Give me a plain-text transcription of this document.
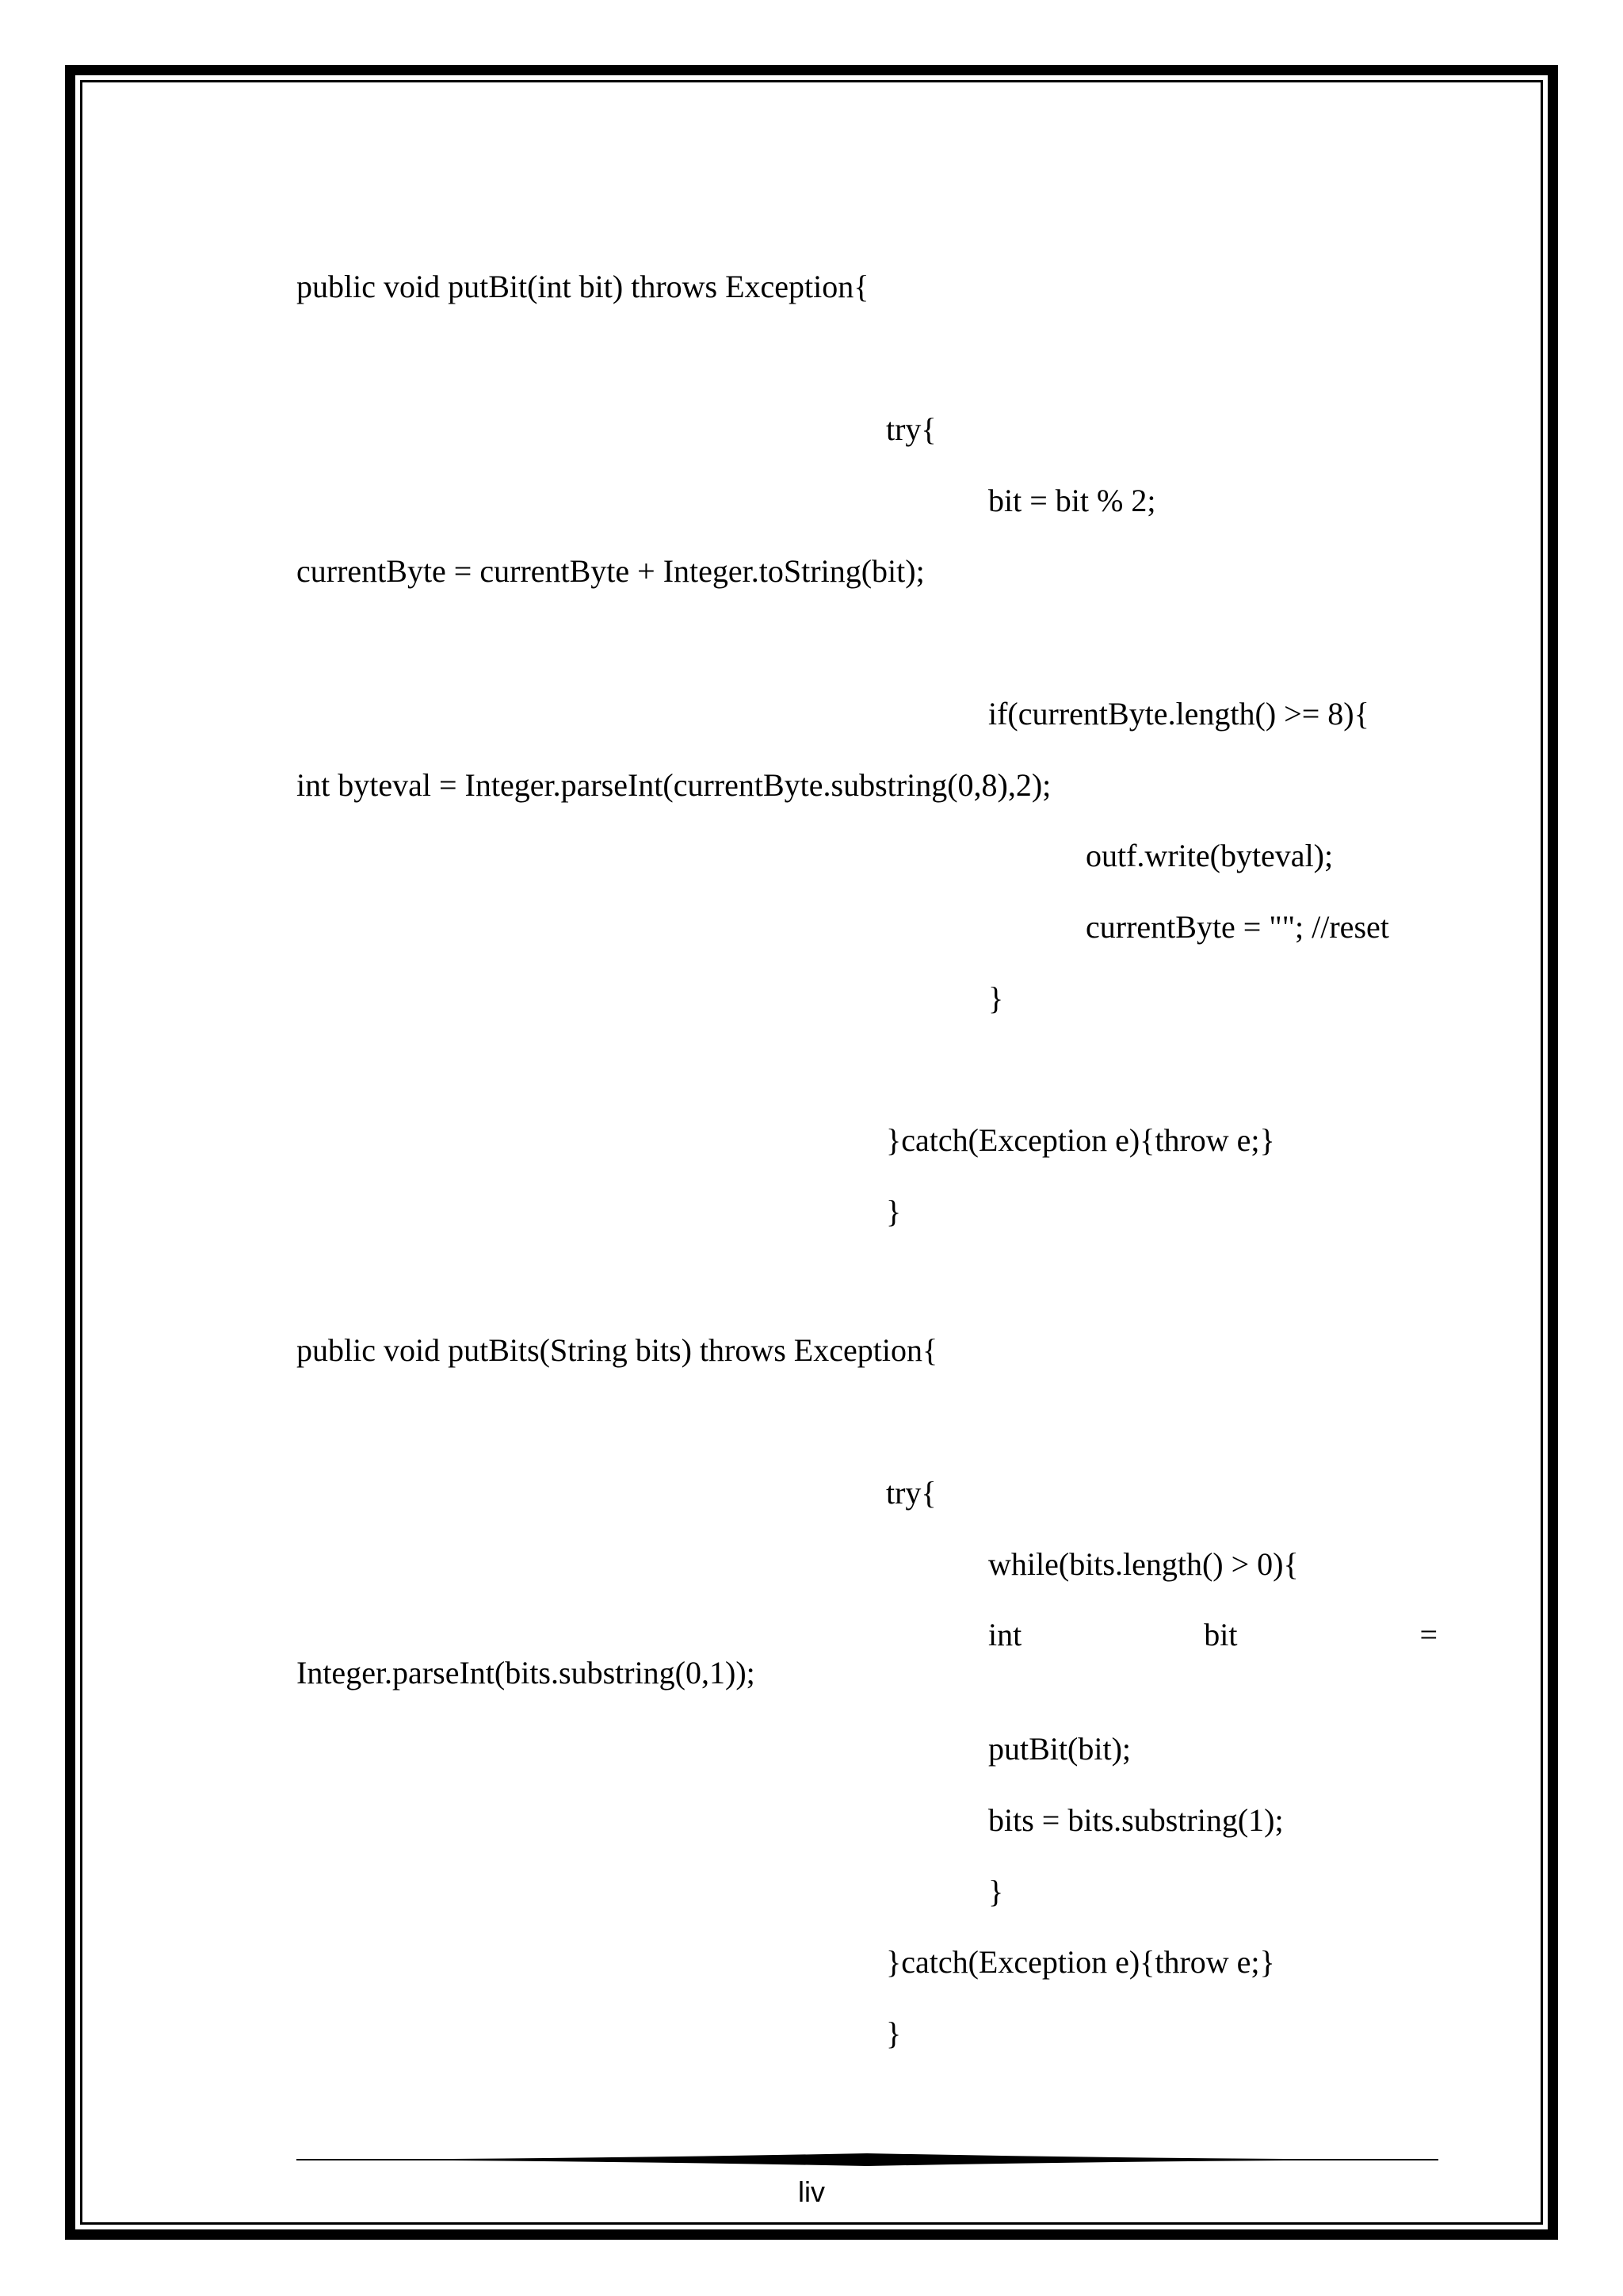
public void putBit(int bit) throws Exception{
try{
bit = bit % 2;
currentByte = currentByte + Integer.toString(bit);
if(currentByte.length() >= 8){
int byteval = Integer.parseInt(currentByte.substring(0,8),2);
outf.write(byteval);
currentByte = ""; //reset
}
}catch(Exception e){throw e;}
}
public void putBits(String bits) throws Exception{
try{
while(bits.length() > 0){
int	bit	=
Integer.parseInt(bits.substring(0,1));
putBit(bit);
bits = bits.substring(1);
}
}catch(Exception e){throw e;}
}
liv
